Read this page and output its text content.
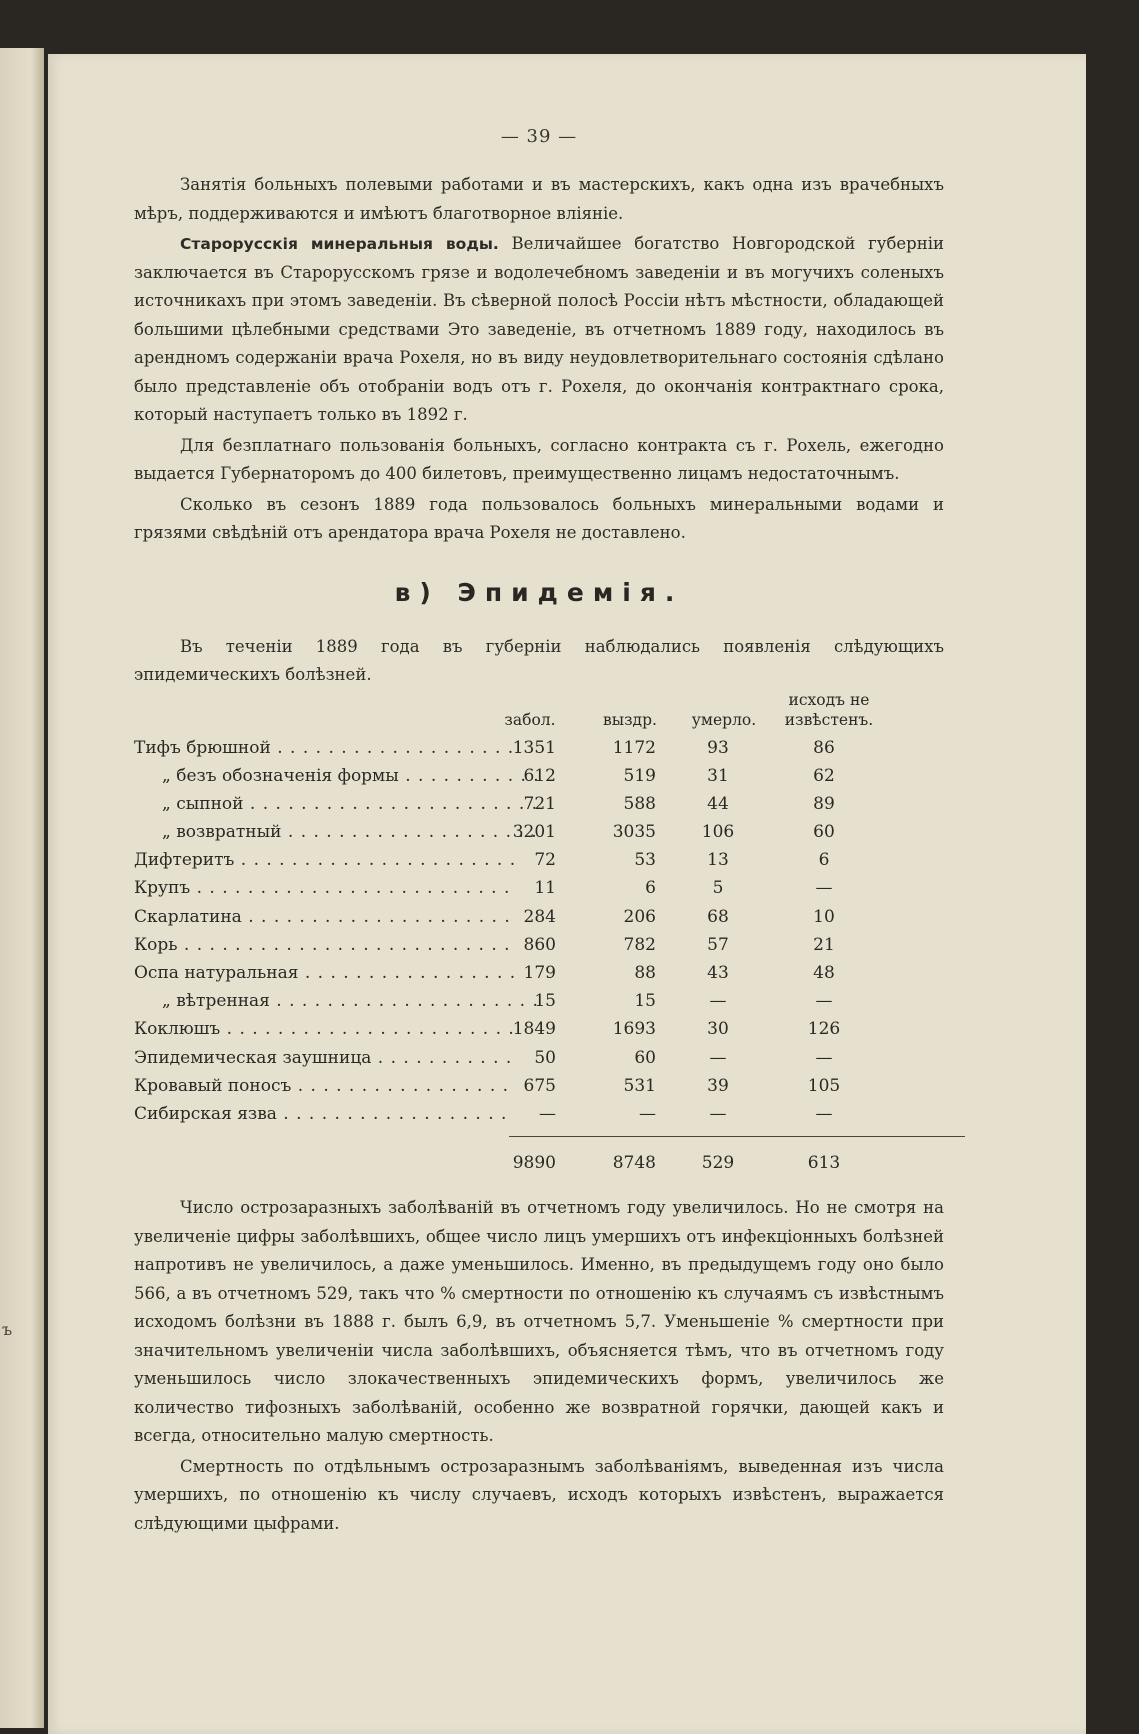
ъ
— 39 —

Занятія больныхъ полевыми работами и въ мастерскихъ, какъ одна изъ врачебныхъ мѣръ, поддерживаются и имѣютъ благотворное вліяніе.

Старорусскія минеральныя воды. Величайшее богатство Новгородской губерніи заключается въ Старорусскомъ грязе и водолечебномъ заведеніи и въ могучихъ соленыхъ источникахъ при этомъ заведеніи. Въ сѣверной полосѣ Россіи нѣтъ мѣстности, обладающей большими цѣлебными средствами Это заведеніе, въ отчетномъ 1889 году, находилось въ арендномъ содержаніи врача Рохеля, но въ виду неудовлетворительнаго состоянія сдѣлано было представленіе объ отобраніи водъ отъ г. Рохеля, до окончанія контрактнаго срока, который наступаетъ только въ 1892 г.

Для безплатнаго пользованія больныхъ, согласно контракта съ г. Рохель, ежегодно выдается Губернаторомъ до 400 билетовъ, преимущественно лицамъ недостаточнымъ.

Сколько въ сезонъ 1889 года пользовалось больныхъ минеральными водами и грязями свѣдѣній отъ арендатора врача Рохеля не доставлено.

в) Эпидемія.

Въ теченіи 1889 года въ губерніи наблюдались появленія слѣдующихъ эпидемическихъ болѣзней.

забол.	выздр.	умерло.
исходъ не извѣстенъ.
Тифъ брюшной . . .	1351	1172	93	86
„ безъ обозначенія формы . . .	612	519	31	62
„ сыпной . . .	721	588	44	89
„ возвратный . . .	3201	3035	106	60
Дифтеритъ . . .	72	53	13	6
Крупъ . . .	11	6	5	—
Скарлатина . . .	284	206	68	10
Корь . . .	860	782	57	21
Оспа натуральная . . .	179	88	43	48
„ вѣтренная . . .	15	15	—	—
Коклюшъ . . .	1849	1693	30	126
Эпидемическая заушница . . .	50	60	—	—
Кровавый поносъ . . .	675	531	39	105
Сибирская язва . . .	—	—	—	—
9890	8748	529	613

Число острозаразныхъ заболѣваній въ отчетномъ году увеличилось. Но не смотря на увеличеніе цифры заболѣвшихъ, общее число лицъ умершихъ отъ инфекціонныхъ болѣзней напротивъ не увеличилось, а даже уменьшилось. Именно, въ предыдущемъ году оно было 566, а въ отчетномъ 529, такъ что % смертности по отношенію къ случаямъ съ извѣстнымъ исходомъ болѣзни въ 1888 г. былъ 6,9, въ отчетномъ 5,7. Уменьшеніе % смертности при значительномъ увеличеніи числа заболѣвшихъ, объясняется тѣмъ, что въ отчетномъ году уменьшилось число злокачественныхъ эпидемическихъ формъ, увеличилось же количество тифозныхъ заболѣваній, особенно же возвратной горячки, дающей какъ и всегда, относительно малую смертность.

Смертность по отдѣльнымъ острозаразнымъ заболѣваніямъ, выведенная изъ числа умершихъ, по отношенію къ числу случаевъ, исходъ которыхъ извѣстенъ, выражается слѣдующими цыфрами.
